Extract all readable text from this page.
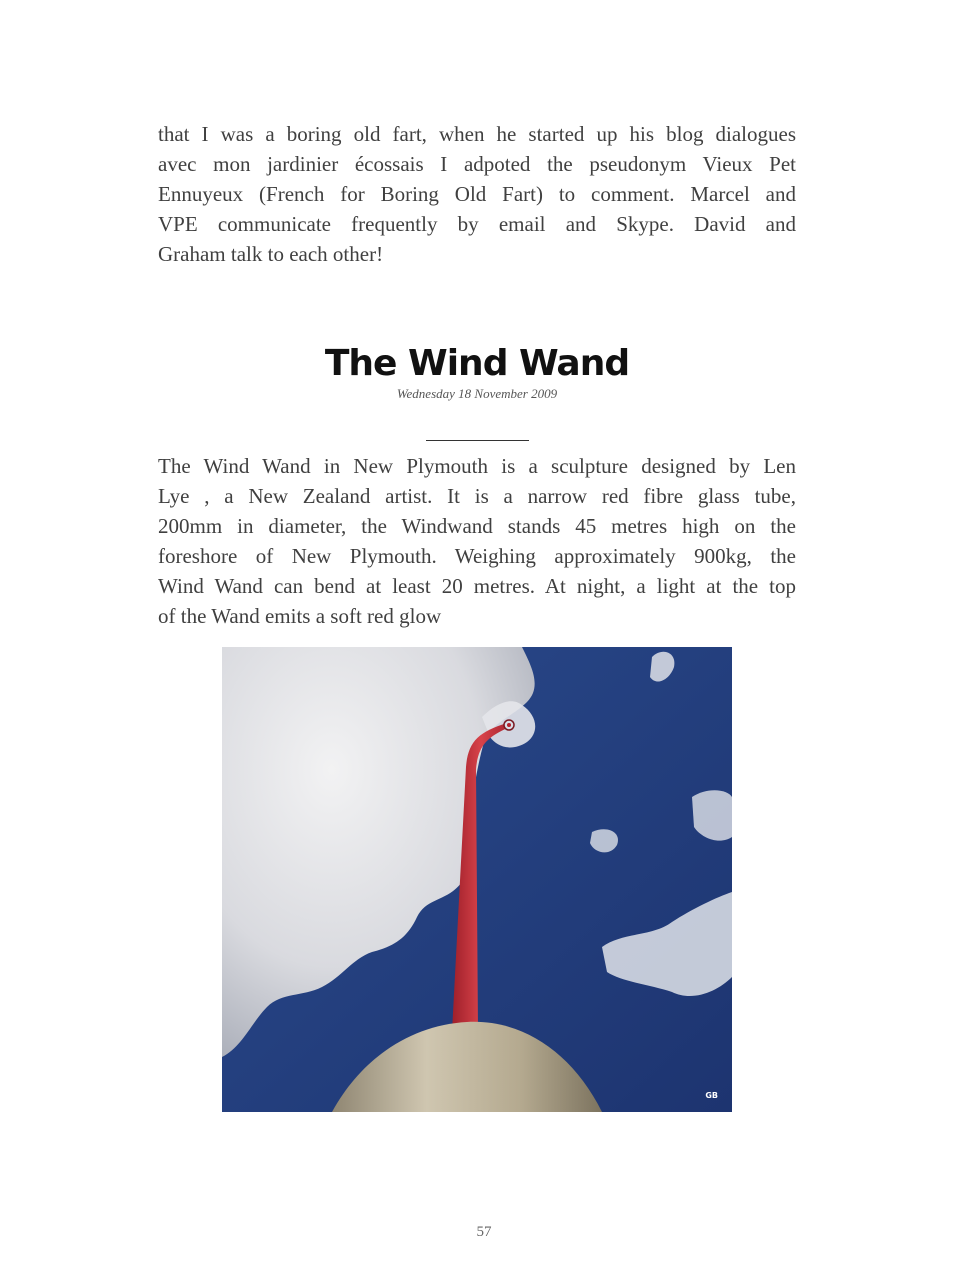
that I was a boring old fart, when he started up his blog dialogues
avec mon jardinier écossais I adpoted the pseudonym Vieux Pet
Ennuyeux (French for Boring Old Fart) to comment. Marcel and
VPE communicate frequently by email and Skype. David and
Graham talk to each other!
The Wind Wand
Wednesday 18 November 2009
The Wind Wand in New Plymouth is a sculpture designed by Len
Lye , a New Zealand artist. It is a narrow red fibre glass tube,
200mm in diameter, the Windwand stands 45 metres high on the
foreshore of New Plymouth. Weighing approximately 900kg, the
Wind Wand can bend at least 20 metres. At night, a light at the top
of the Wand emits a soft red glow
GB
57
